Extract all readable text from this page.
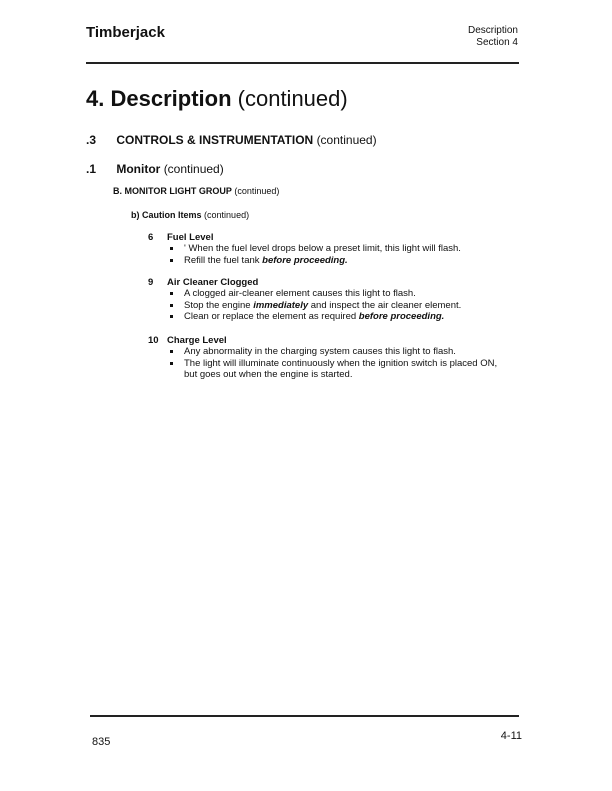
Timberjack	Description
Section 4
4. Description (continued)
.3 CONTROLS & INSTRUMENTATION (continued)
.1 Monitor (continued)
B. MONITOR LIGHT GROUP (continued)
b) Caution Items (continued)
6 Fuel Level
' When the fuel level drops below a preset limit, this light will flash.
Refill the fuel tank before proceeding.
9 Air Cleaner Clogged
A clogged air-cleaner element causes this light to flash.
Stop the engine immediately and inspect the air cleaner element.
Clean or replace the element as required before proceeding.
10 Charge Level
Any abnormality in the charging system causes this light to flash.
The light will illuminate continuously when the ignition switch is placed ON, but goes out when the engine is started.
835	4-11
